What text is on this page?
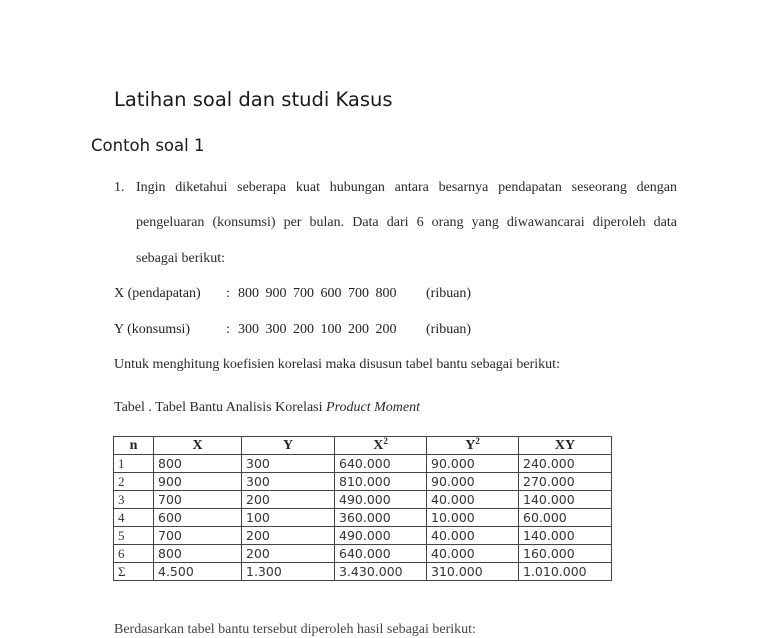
Latihan soal dan studi Kasus
Contoh soal 1
1. Ingin diketahui seberapa kuat hubungan antara besarnya pendapatan seseorang dengan
pengeluaran (konsumsi) per bulan. Data dari 6 orang yang diwawancarai diperoleh data
sebagai berikut:
X (pendapatan) : 800 900 700 600 700 800 (ribuan)
Y (konsumsi)	: 300 300 200 100 200 200 (ribuan)
Untuk menghitung koefisien korelasi maka disusun tabel bantu sebagai berikut:
Tabel . Tabel Bantu Analisis Korelasi Product Moment
n	X	Y	$X^2$	$Y^2$	XY
1	800	300	640.000	90.000	240.000
2	900	300	810.000	90.000	270.000
3	700	200	490.000	40.000	140.000
4	600	100	360.000	10.000	60.000
5	700	200	490.000	40.000	140.000
6	800	200	640.000	40.000	160.000
Σ	4.500	1.300	3.430.000	310.000	1.010.000
Berdasarkan tabel bantu tersebut diperoleh hasil sebagai berikut:
